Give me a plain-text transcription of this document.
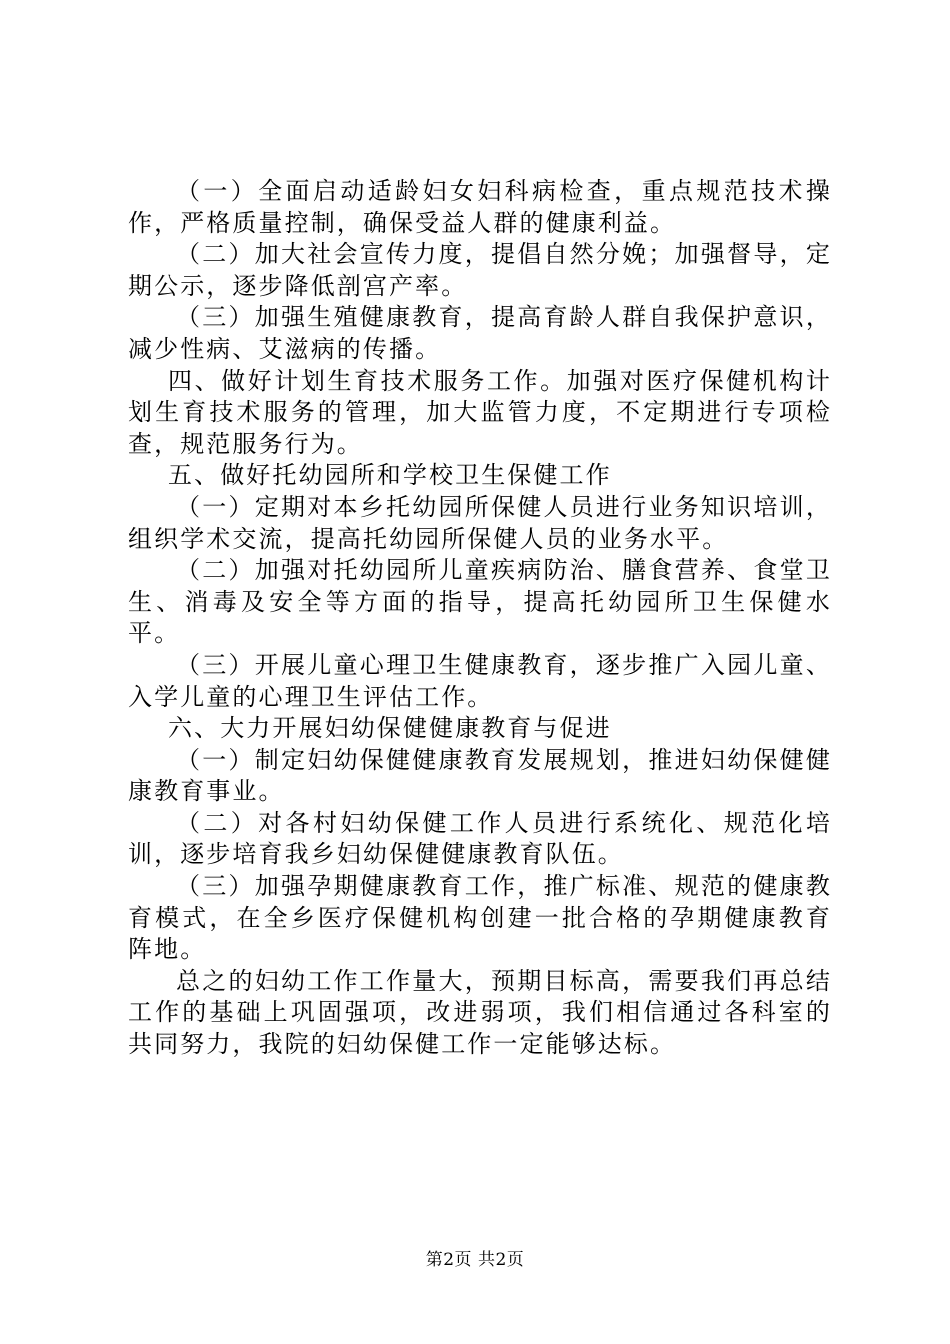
（一）全面启动适龄妇女妇科病检查，重点规范技术操作，严格质量控制，确保受益人群的健康利益。

（二）加大社会宣传力度，提倡自然分娩；加强督导，定期公示，逐步降低剖宫产率。

（三）加强生殖健康教育，提高育龄人群自我保护意识，减少性病、艾滋病的传播。

四、做好计划生育技术服务工作。加强对医疗保健机构计划生育技术服务的管理，加大监管力度，不定期进行专项检查，规范服务行为。

五、做好托幼园所和学校卫生保健工作

（一）定期对本乡托幼园所保健人员进行业务知识培训，组织学术交流，提高托幼园所保健人员的业务水平。

（二）加强对托幼园所儿童疾病防治、膳食营养、食堂卫生、消毒及安全等方面的指导，提高托幼园所卫生保健水平。

（三）开展儿童心理卫生健康教育，逐步推广入园儿童、入学儿童的心理卫生评估工作。

六、大力开展妇幼保健健康教育与促进

（一）制定妇幼保健健康教育发展规划，推进妇幼保健健康教育事业。

（二）对各村妇幼保健工作人员进行系统化、规范化培训，逐步培育我乡妇幼保健健康教育队伍。

（三）加强孕期健康教育工作，推广标准、规范的健康教育模式，在全乡医疗保健机构创建一批合格的孕期健康教育阵地。

总之的妇幼工作工作量大，预期目标高，需要我们再总结工作的基础上巩固强项，改进弱项，我们相信通过各科室的共同努力，我院的妇幼保健工作一定能够达标。

第2页 共2页
